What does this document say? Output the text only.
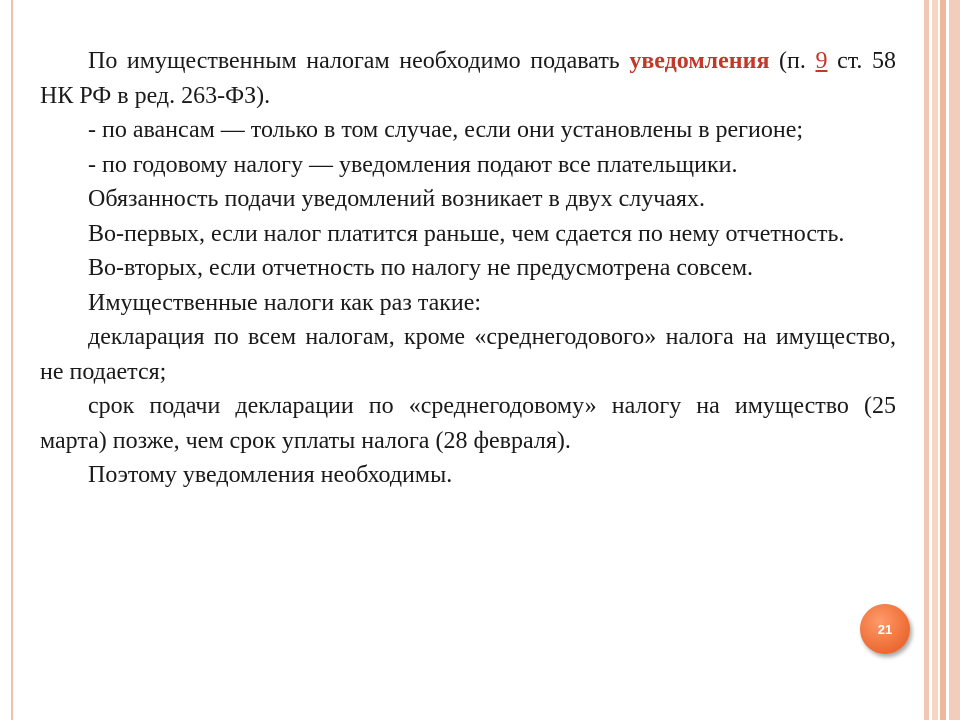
По имущественным налогам необходимо подавать уведомления (п. 9 ст. 58 НК РФ в ред. 263-ФЗ).

- по авансам — только в том случае, если они установлены в регионе;

- по годовому налогу — уведомления подают все плательщики.

Обязанность подачи уведомлений возникает в двух случаях.

Во-первых, если налог платится раньше, чем сдается по нему отчетность.

Во-вторых, если отчетность по налогу не предусмотрена совсем.

Имущественные налоги как раз такие:

декларация по всем налогам, кроме «среднегодового» налога на имущество, не подается;

срок подачи декларации по «среднегодовому» налогу на имущество (25 марта) позже, чем срок уплаты налога (28 февраля).

Поэтому уведомления необходимы.

21
